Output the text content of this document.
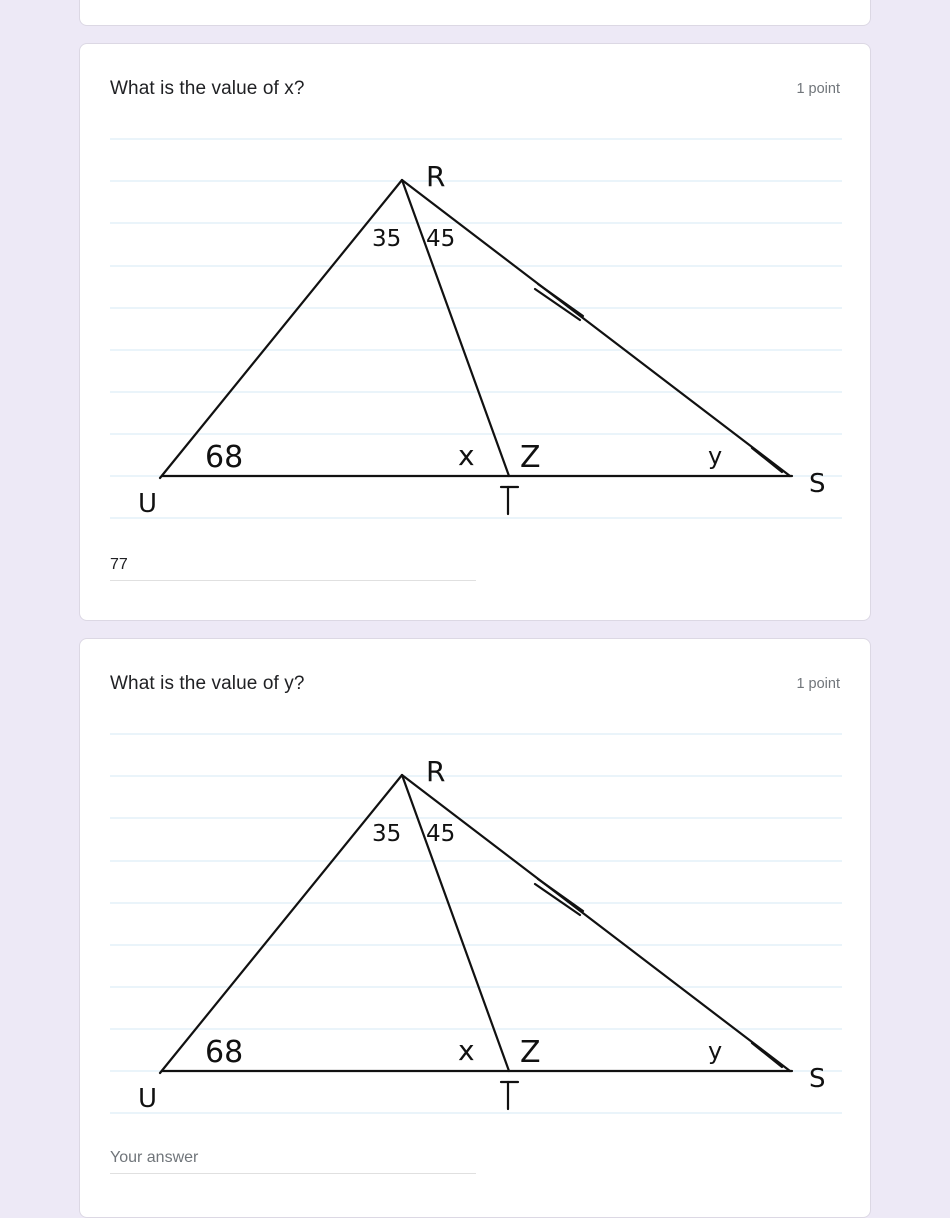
What is the value of x?	1 point
R
U
S
35 45
68	x Z	y
77
What is the value of y?	1 point
R
U
S
35 45
68	x Z	y
Your answer
